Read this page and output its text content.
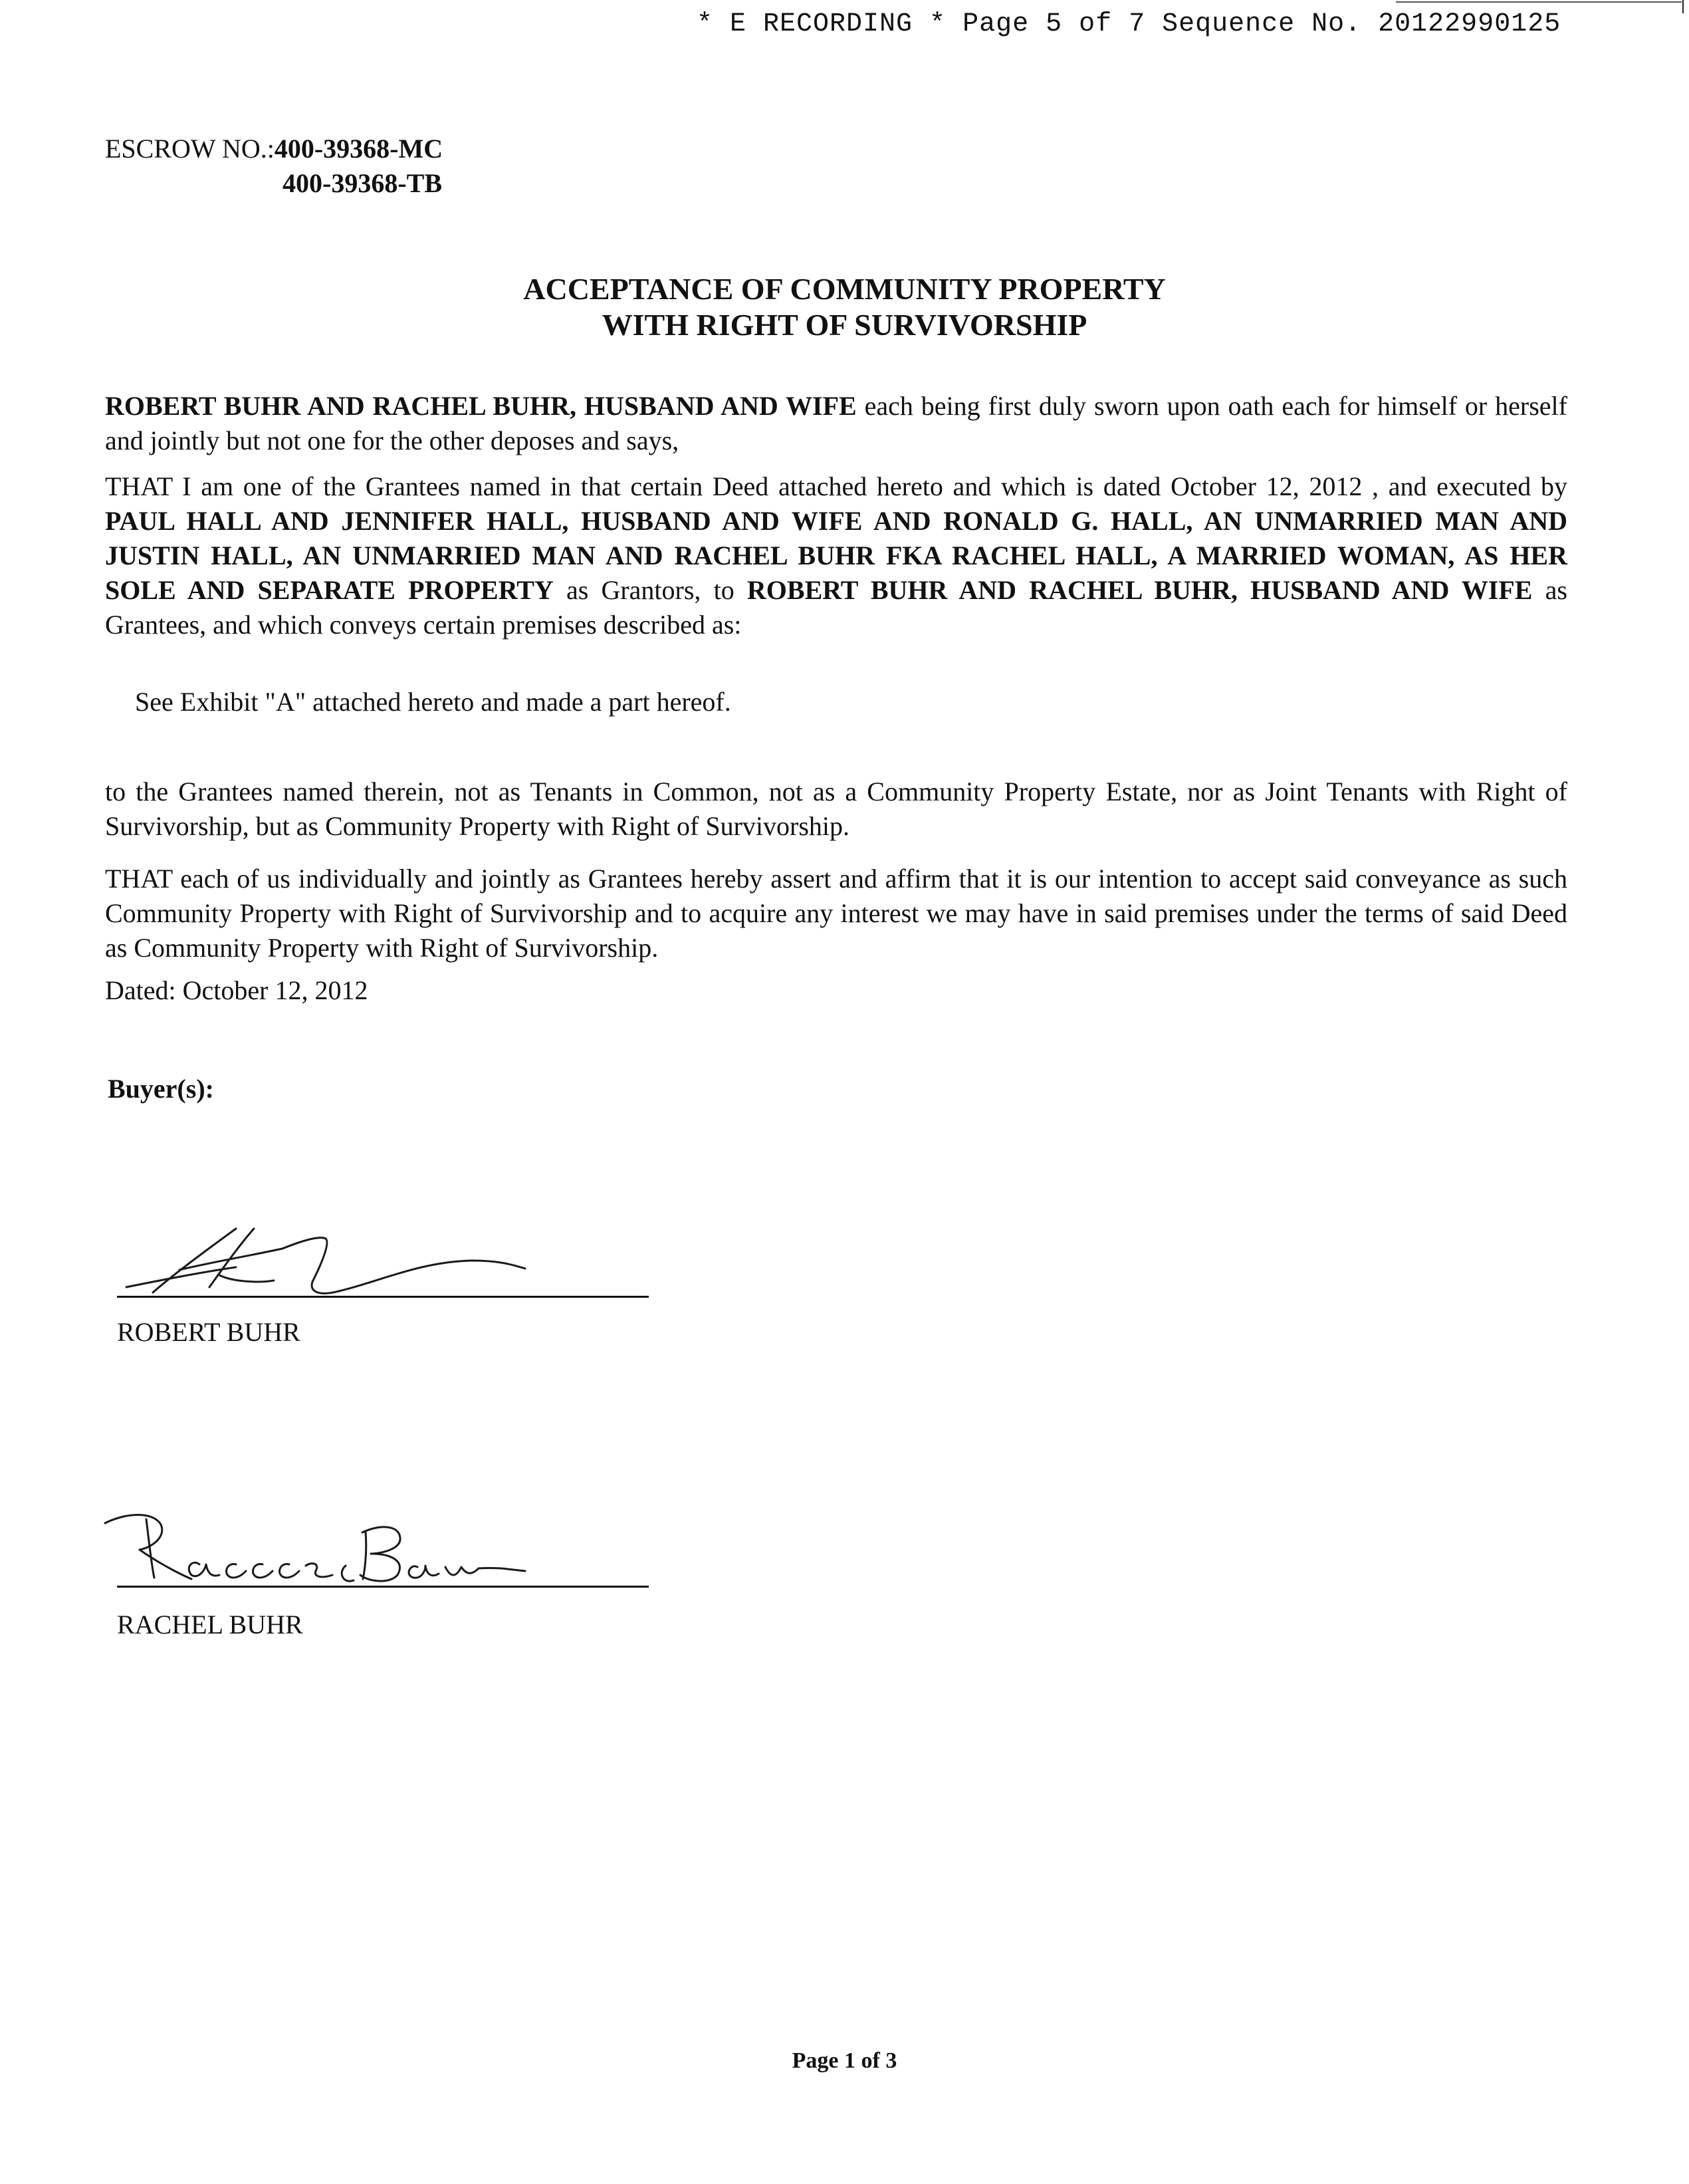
* E RECORDING * Page 5 of 7 Sequence No. 20122990125
ESCROW NO.:400-39368-MC
400-39368-TB
ACCEPTANCE OF COMMUNITY PROPERTY
WITH RIGHT OF SURVIVORSHIP
ROBERT BUHR AND RACHEL BUHR, HUSBAND AND WIFE each being first duly sworn upon oath each for himself or herself and jointly but not one for the other deposes and says,
THAT I am one of the Grantees named in that certain Deed attached hereto and which is dated October 12, 2012 , and executed by PAUL HALL AND JENNIFER HALL, HUSBAND AND WIFE AND RONALD G. HALL, AN UNMARRIED MAN AND JUSTIN HALL, AN UNMARRIED MAN AND RACHEL BUHR FKA RACHEL HALL, A MARRIED WOMAN, AS HER SOLE AND SEPARATE PROPERTY as Grantors, to ROBERT BUHR AND RACHEL BUHR, HUSBAND AND WIFE as Grantees, and which conveys certain premises described as:
See Exhibit "A" attached hereto and made a part hereof.
to the Grantees named therein, not as Tenants in Common, not as a Community Property Estate, nor as Joint Tenants with Right of Survivorship, but as Community Property with Right of Survivorship.
THAT each of us individually and jointly as Grantees hereby assert and affirm that it is our intention to accept said conveyance as such Community Property with Right of Survivorship and to acquire any interest we may have in said premises under the terms of said Deed as Community Property with Right of Survivorship.
Dated: October 12, 2012
Buyer(s):
ROBERT BUHR
RACHEL BUHR
Page 1 of 3
